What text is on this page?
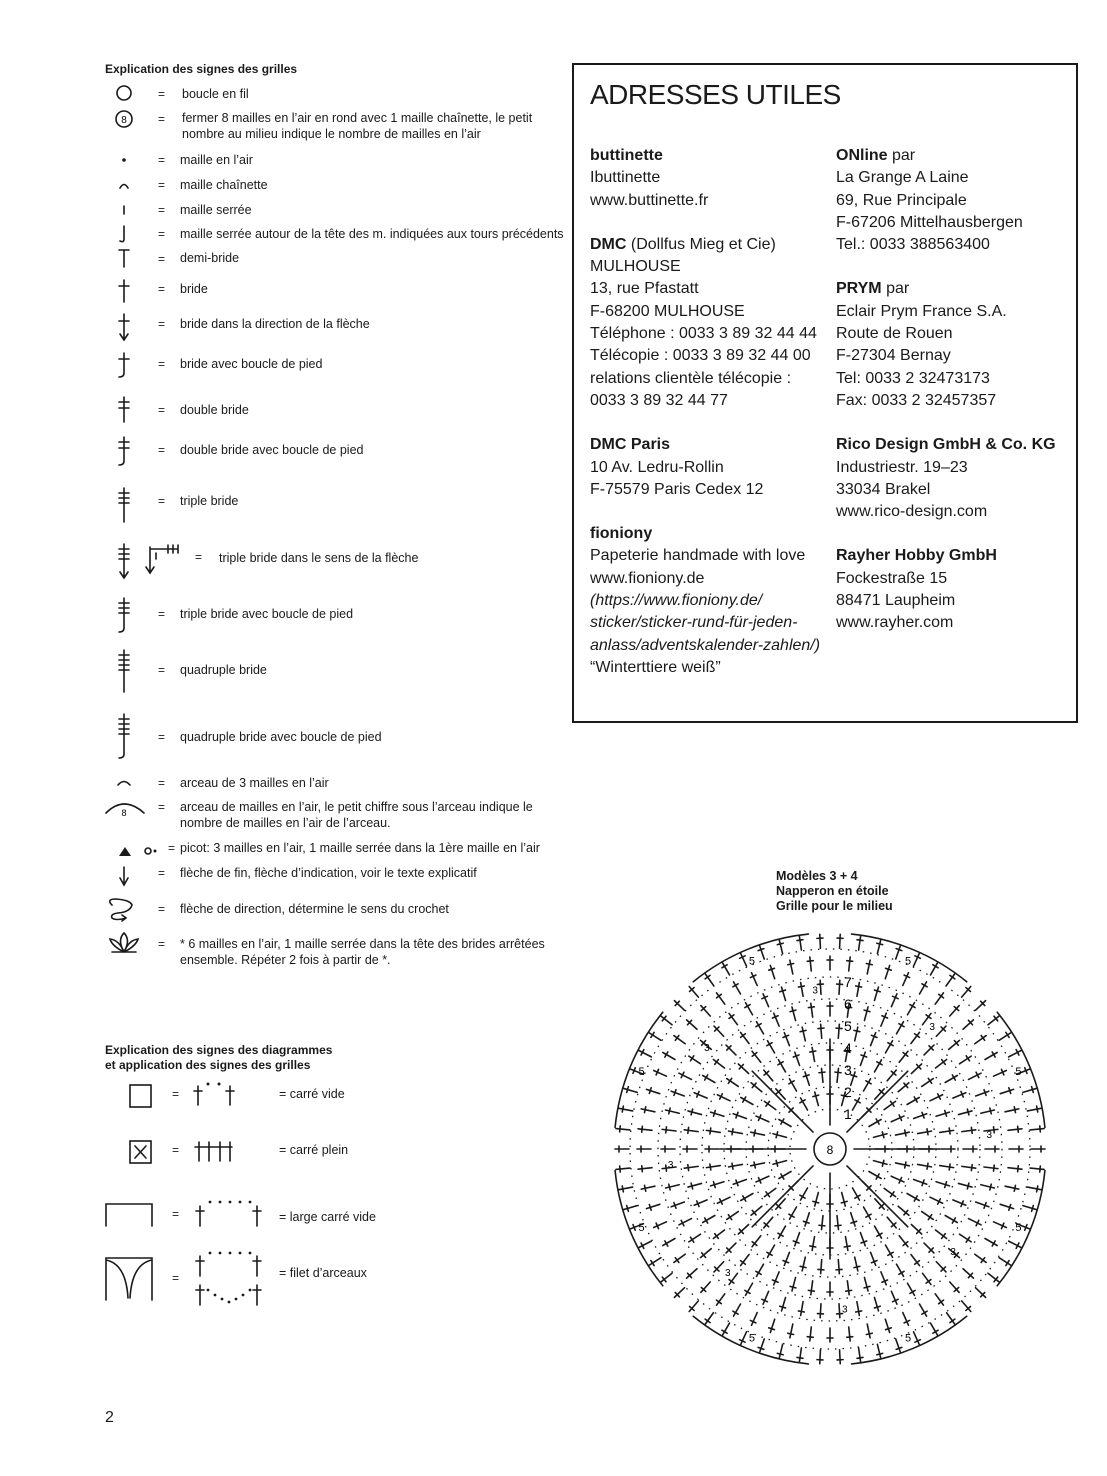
Explication des signes des grilles
8
8
=
=
=
=
=
=
=
=
=
=
=
=
=
=
=
=
=
=
=
=
=
=
=
boucle en fil
fermer 8 mailles en l’air en rond avec 1 maille chaînette, le petit nombre au milieu indique le nombre de mailles en l’air
maille en l’air
maille chaînette
maille serrée
maille serrée autour de la tête des m. indiquées aux tours précédents
demi-bride
bride
bride dans la direction de la flèche
bride avec boucle de pied
double bride
double bride avec boucle de pied
triple bride
triple bride dans le sens de la flèche
triple bride avec boucle de pied
quadruple bride
quadruple bride avec boucle de pied
arceau de 3 mailles en l’air
arceau de mailles en l’air, le petit chiffre sous l’arceau indique le nombre de mailles en l’air de l’arceau.
picot: 3 mailles en l’air, 1 maille serrée dans la 1ère maille en l’air
flèche de fin, flèche d’indication, voir le texte explicatif
flèche de direction, détermine le sens du crochet
* 6 mailles en l’air, 1 maille serrée dans la tête des brides arrêtées ensemble. Répéter 2 fois à partir de *.
Explication des signes des diagrammes
et application des signes des grilles
=
=
=
=
= carré vide
= carré plein
= large carré vide
= filet d’arceaux
ADRESSES UTILES
buttinette
Ibuttinette
www.buttinette.fr
DMC (Dollfus Mieg et Cie)
MULHOUSE
13, rue Pfastatt
F-68200 MULHOUSE
Téléphone : 0033 3 89 32 44 44
Télécopie : 0033 3 89 32 44 00
relations clientèle télécopie :
0033 3 89 32 44 77
DMC Paris
10 Av. Ledru-Rollin
F-75579 Paris Cedex 12
fioniony
Papeterie handmade with love
www.fioniony.de
(https://www.fioniony.de/
sticker/sticker-rund-für-jeden-
anlass/adventskalender-zahlen/)
“Winterttiere weiß”
ONline par
La Grange A Laine
69, Rue Principale
F-67206 Mittelhausbergen
Tel.: 0033 388563400
PRYM par
Eclair Prym France S.A.
Route de Rouen
F-27304 Bernay
Tel: 0033 2 32473173
Fax: 0033 2 32457357
Rico Design GmbH & Co. KG
Industriestr. 19–23
33034 Brakel
www.rico-design.com
Rayher Hobby GmbH
Fockestraße 15
88471 Laupheim
www.rayher.com
Modèles 3 + 4
Napperon en étoile
Grille pour le milieu
5
3
5
3
5
3
5
3
5
3
5
3
5
3
5
3
1
2
3
4
5
6
7
8
2
